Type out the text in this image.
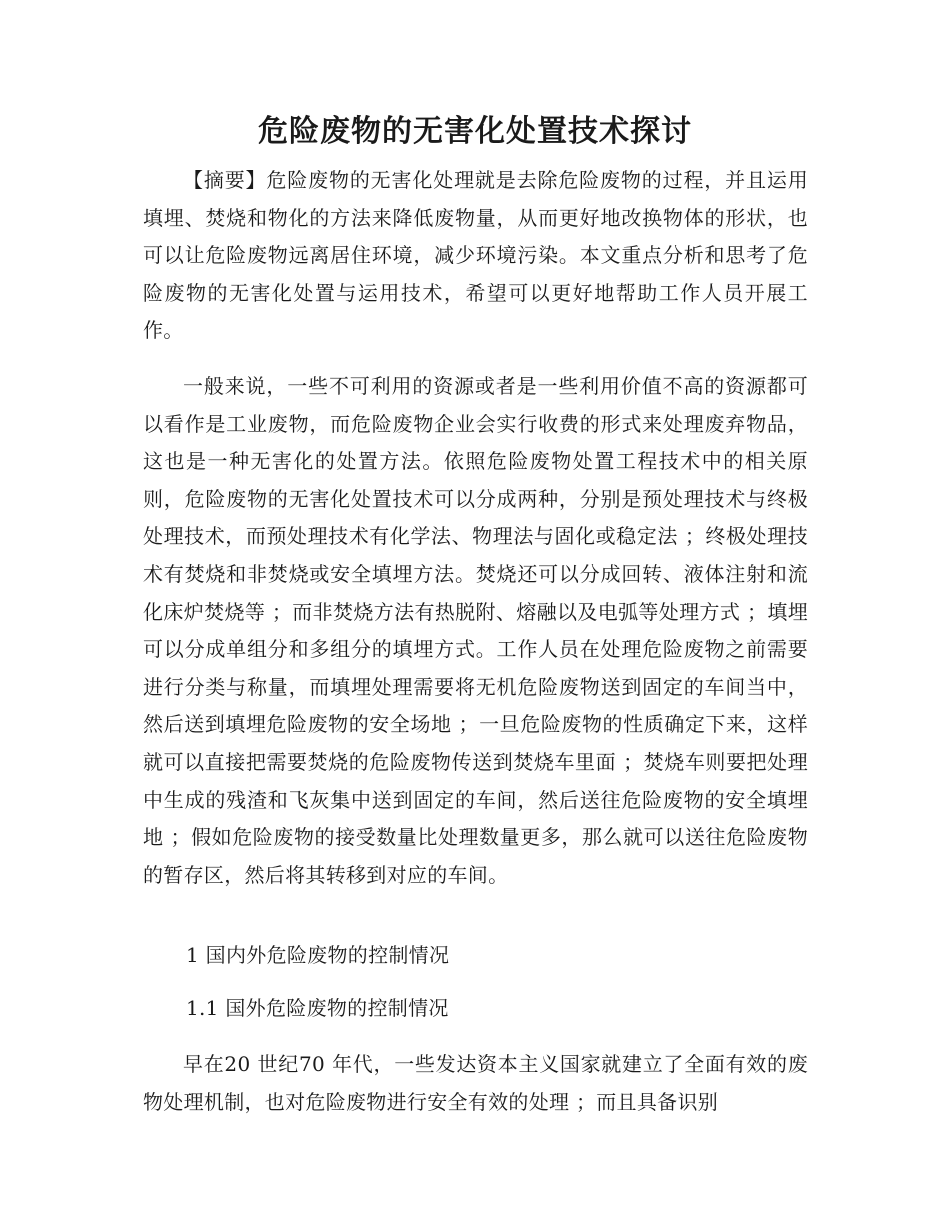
危险废物的无害化处置技术探讨

【摘要】危险废物的无害化处理就是去除危险废物的过程，并且运用填埋、焚烧和物化的方法来降低废物量，从而更好地改换物体的形状，也可以让危险废物远离居住环境，减少环境污染。本文重点分析和思考了危险废物的无害化处置与运用技术，希望可以更好地帮助工作人员开展工作。

一般来说，一些不可利用的资源或者是一些利用价值不高的资源都可以看作是工业废物，而危险废物企业会实行收费的形式来处理废弃物品，这也是一种无害化的处置方法。依照危险废物处置工程技术中的相关原则，危险废物的无害化处置技术可以分成两种，分别是预处理技术与终极处理技术，而预处理技术有化学法、物理法与固化或稳定法 ；终极处理技术有焚烧和非焚烧或安全填埋方法。焚烧还可以分成回转、液体注射和流化床炉焚烧等 ；而非焚烧方法有热脱附、熔融以及电弧等处理方式 ；填埋可以分成单组分和多组分的填埋方式。工作人员在处理危险废物之前需要进行分类与称量，而填埋处理需要将无机危险废物送到固定的车间当中，然后送到填埋危险废物的安全场地 ；一旦危险废物的性质确定下来，这样就可以直接把需要焚烧的危险废物传送到焚烧车里面 ；焚烧车则要把处理中生成的残渣和飞灰集中送到固定的车间，然后送往危险废物的安全填埋地 ；假如危险废物的接受数量比处理数量更多，那么就可以送往危险废物的暂存区，然后将其转移到对应的车间。

1 国内外危险废物的控制情况

1.1 国外危险废物的控制情况

早在20 世纪70 年代，一些发达资本主义国家就建立了全面有效的废物处理机制，也对危险废物进行安全有效的处理 ；而且具备识别
